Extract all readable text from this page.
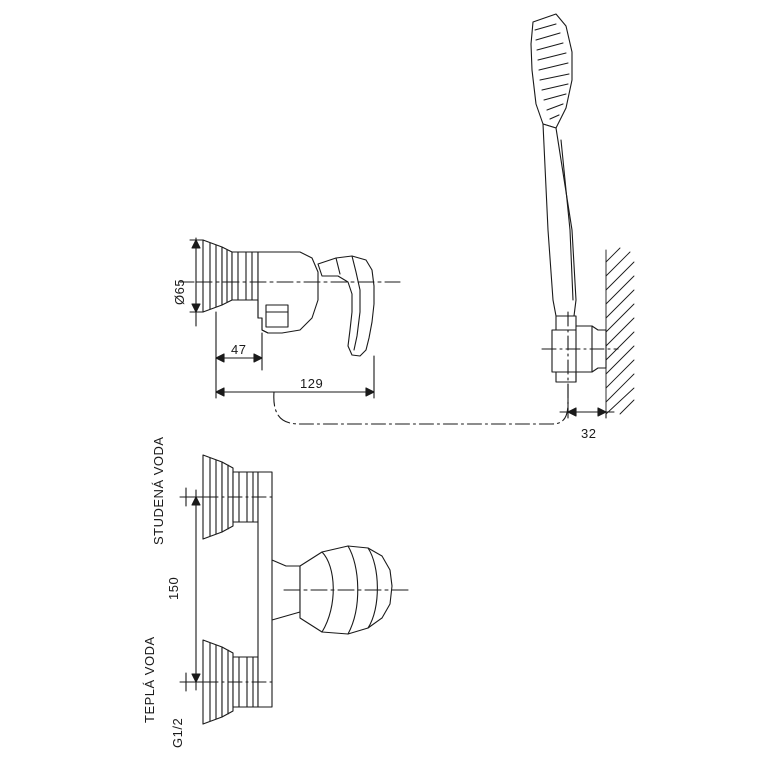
Ø65
47
129
32
150
STUDENÁ VODA
TEPLÁ VODA
G1/2
